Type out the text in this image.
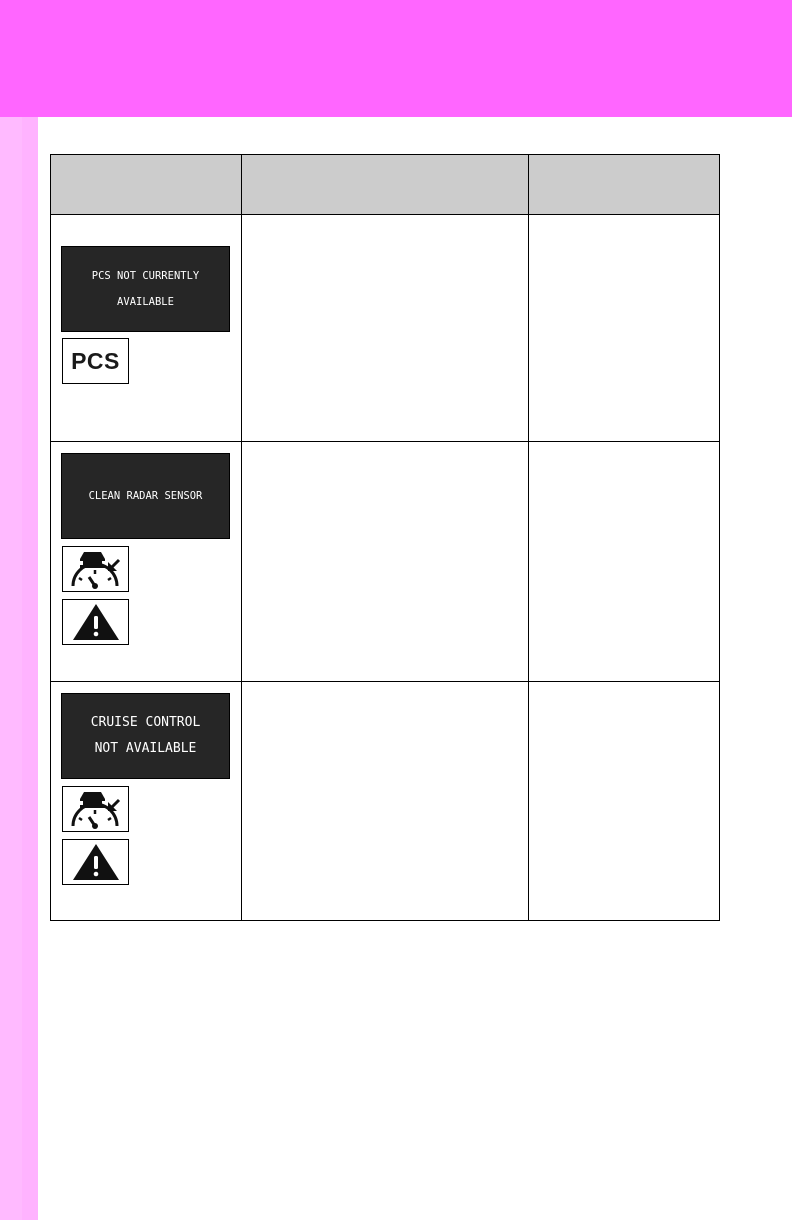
PCS NOT CURRENTLY AVAILABLE
PCS		

CLEAN RADAR SENSOR		

CRUISE CONTROL
NOT AVAILABLE		
